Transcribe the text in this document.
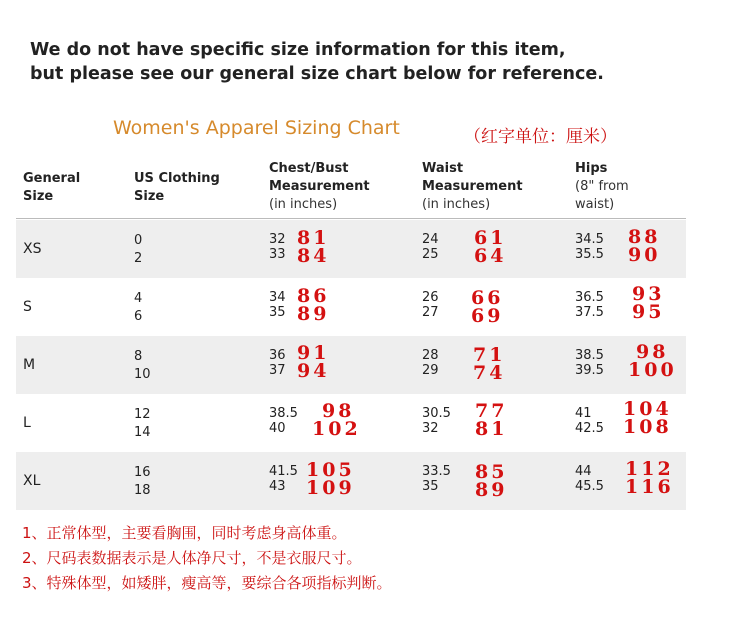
We do not have specific size information for this item,
but please see our general size chart below for reference.
Women's Apparel Sizing Chart	（红字单位：厘米）
General
Size
US Clothing
Size
Chest/Bust
Measurement
(in inches)
Waist
Measurement
(in inches)
Hips
(8" from
waist)
XS
0
2
32
33
81
84
24
25
61
64
34.5
35.5
88
90
S
4
6
34
35
86
89
26
27
66
69
36.5
37.5
93
95
M
8
10
36
37
91
94
28
29
71
74
38.5
39.5
98
100
L
12
14
38.5
40
98
102
30.5
32
77
81
41
42.5
104
108
XL
16
18
41.5
43
105
109
33.5
35
85
89
44
45.5
112
116
1、正常体型，主要看胸围，同时考虑身高体重。
2、尺码表数据表示是人体净尺寸，不是衣服尺寸。
3、特殊体型，如矮胖，瘦高等，要综合各项指标判断。
